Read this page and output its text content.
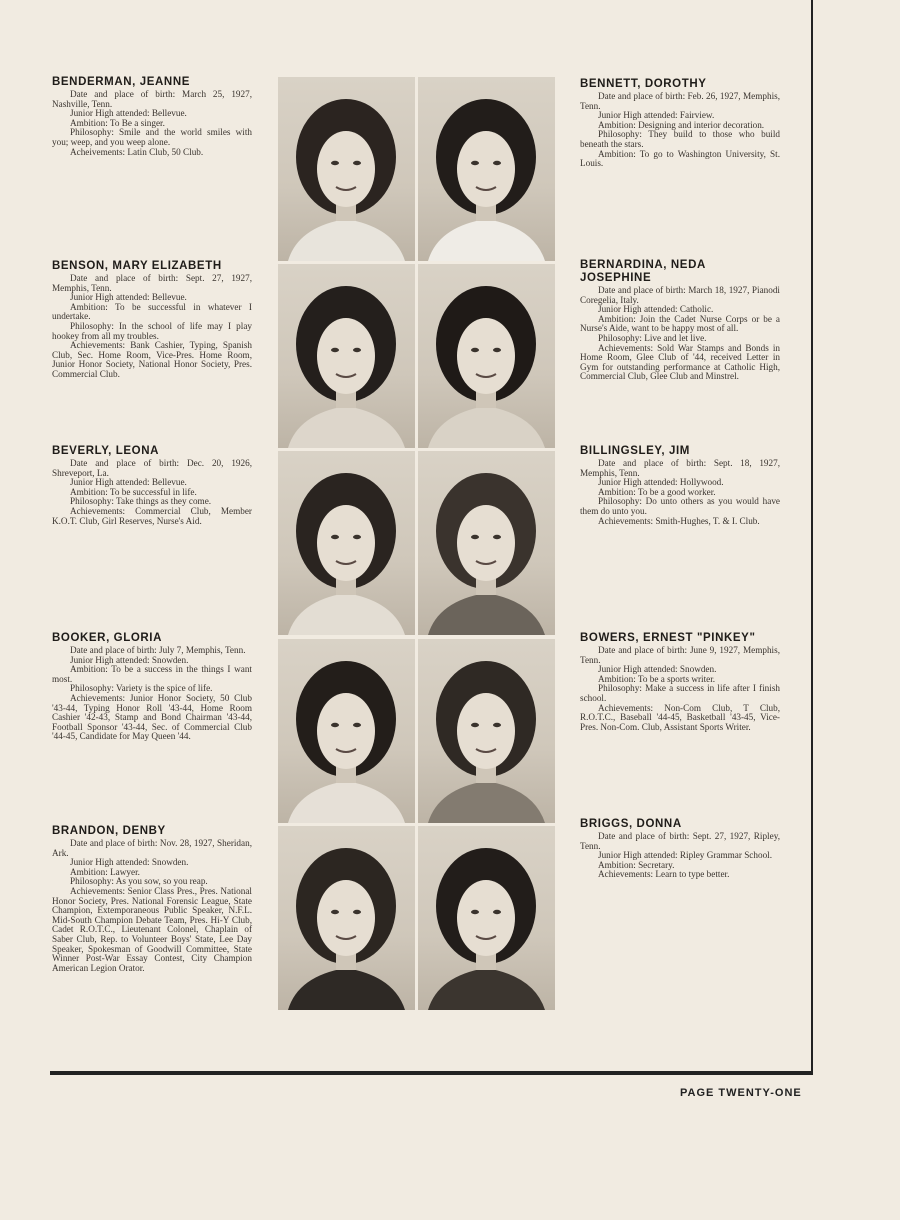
BENDERMAN, JEANNE

Date and place of birth: March 25, 1927, Nashville, Tenn.

Junior High attended: Bellevue.

Ambition: To Be a singer.

Philosophy: Smile and the world smiles with you; weep, and you weep alone.

Acheivements: Latin Club, 50 Club.

BENSON, MARY ELIZABETH

Date and place of birth: Sept. 27, 1927, Memphis, Tenn.

Junior High attended: Bellevue.

Ambition: To be successful in whatever I undertake.

Philosophy: In the school of life may I play hookey from all my troubles.

Achievements: Bank Cashier, Typing, Spanish Club, Sec. Home Room, Vice-Pres. Home Room, Junior Honor Society, National Honor Society, Pres. Commercial Club.

BEVERLY, LEONA

Date and place of birth: Dec. 20, 1926, Shreveport, La.

Junior High attended: Bellevue.

Ambition: To be successful in life.

Philosophy: Take things as they come.

Achievements: Commercial Club, Member K.O.T. Club, Girl Reserves, Nurse's Aid.

BOOKER, GLORIA

Date and place of birth: July 7, Memphis, Tenn.

Junior High attended: Snowden.

Ambition: To be a success in the things I want most.

Philosophy: Variety is the spice of life.

Achievements: Junior Honor Society, 50 Club '43-44, Typing Honor Roll '43-44, Home Room Cashier '42-43, Stamp and Bond Chairman '43-44, Football Sponsor '43-44, Sec. of Commercial Club '44-45, Candidate for May Queen '44.

BRANDON, DENBY

Date and place of birth: Nov. 28, 1927, Sheridan, Ark.

Junior High attended: Snowden.

Ambition: Lawyer.

Philosophy: As you sow, so you reap.

Achievements: Senior Class Pres., Pres. National Honor Society, Pres. National Forensic League, State Champion, Extemporaneous Public Speaker, N.F.L. Mid-South Champion Debate Team, Pres. Hi-Y Club, Cadet R.O.T.C., Lieutenant Colonel, Chaplain of Saber Club, Rep. to Volunteer Boys' State, Lee Day Speaker, Spokesman of Goodwill Committee, State Winner Post-War Essay Contest, City Champion American Legion Orator.

BENNETT, DOROTHY

Date and place of birth: Feb. 26, 1927, Memphis, Tenn.

Junior High attended: Fairview.

Ambition: Designing and interior decoration.

Philosophy: They build to those who build beneath the stars.

Ambition: To go to Washington University, St. Louis.

BERNARDINA, NEDA JOSEPHINE

Date and place of birth: March 18, 1927, Pianodi Coregelia, Italy.

Junior High attended: Catholic.

Ambition: Join the Cadet Nurse Corps or be a Nurse's Aide, want to be happy most of all.

Philosophy: Live and let live.

Achievements: Sold War Stamps and Bonds in Home Room, Glee Club of '44, received Letter in Gym for outstanding performance at Catholic High, Commercial Club, Glee Club and Minstrel.

BILLINGSLEY, JIM

Date and place of birth: Sept. 18, 1927, Memphis, Tenn.

Junior High attended: Hollywood.

Ambition: To be a good worker.

Philosophy: Do unto others as you would have them do unto you.

Achievements: Smith-Hughes, T. & I. Club.

BOWERS, ERNEST "PINKEY"

Date and place of birth: June 9, 1927, Memphis, Tenn.

Junior High attended: Snowden.

Ambition: To be a sports writer.

Philosophy: Make a success in life after I finish school.

Achievements: Non-Com Club, T Club, R.O.T.C., Baseball '44-45, Basketball '43-45, Vice-Pres. Non-Com. Club, Assistant Sports Writer.

BRIGGS, DONNA

Date and place of birth: Sept. 27, 1927, Ripley, Tenn.

Junior High attended: Ripley Grammar School.

Ambition: Secretary.

Achievements: Learn to type better.

PAGE TWENTY-ONE
